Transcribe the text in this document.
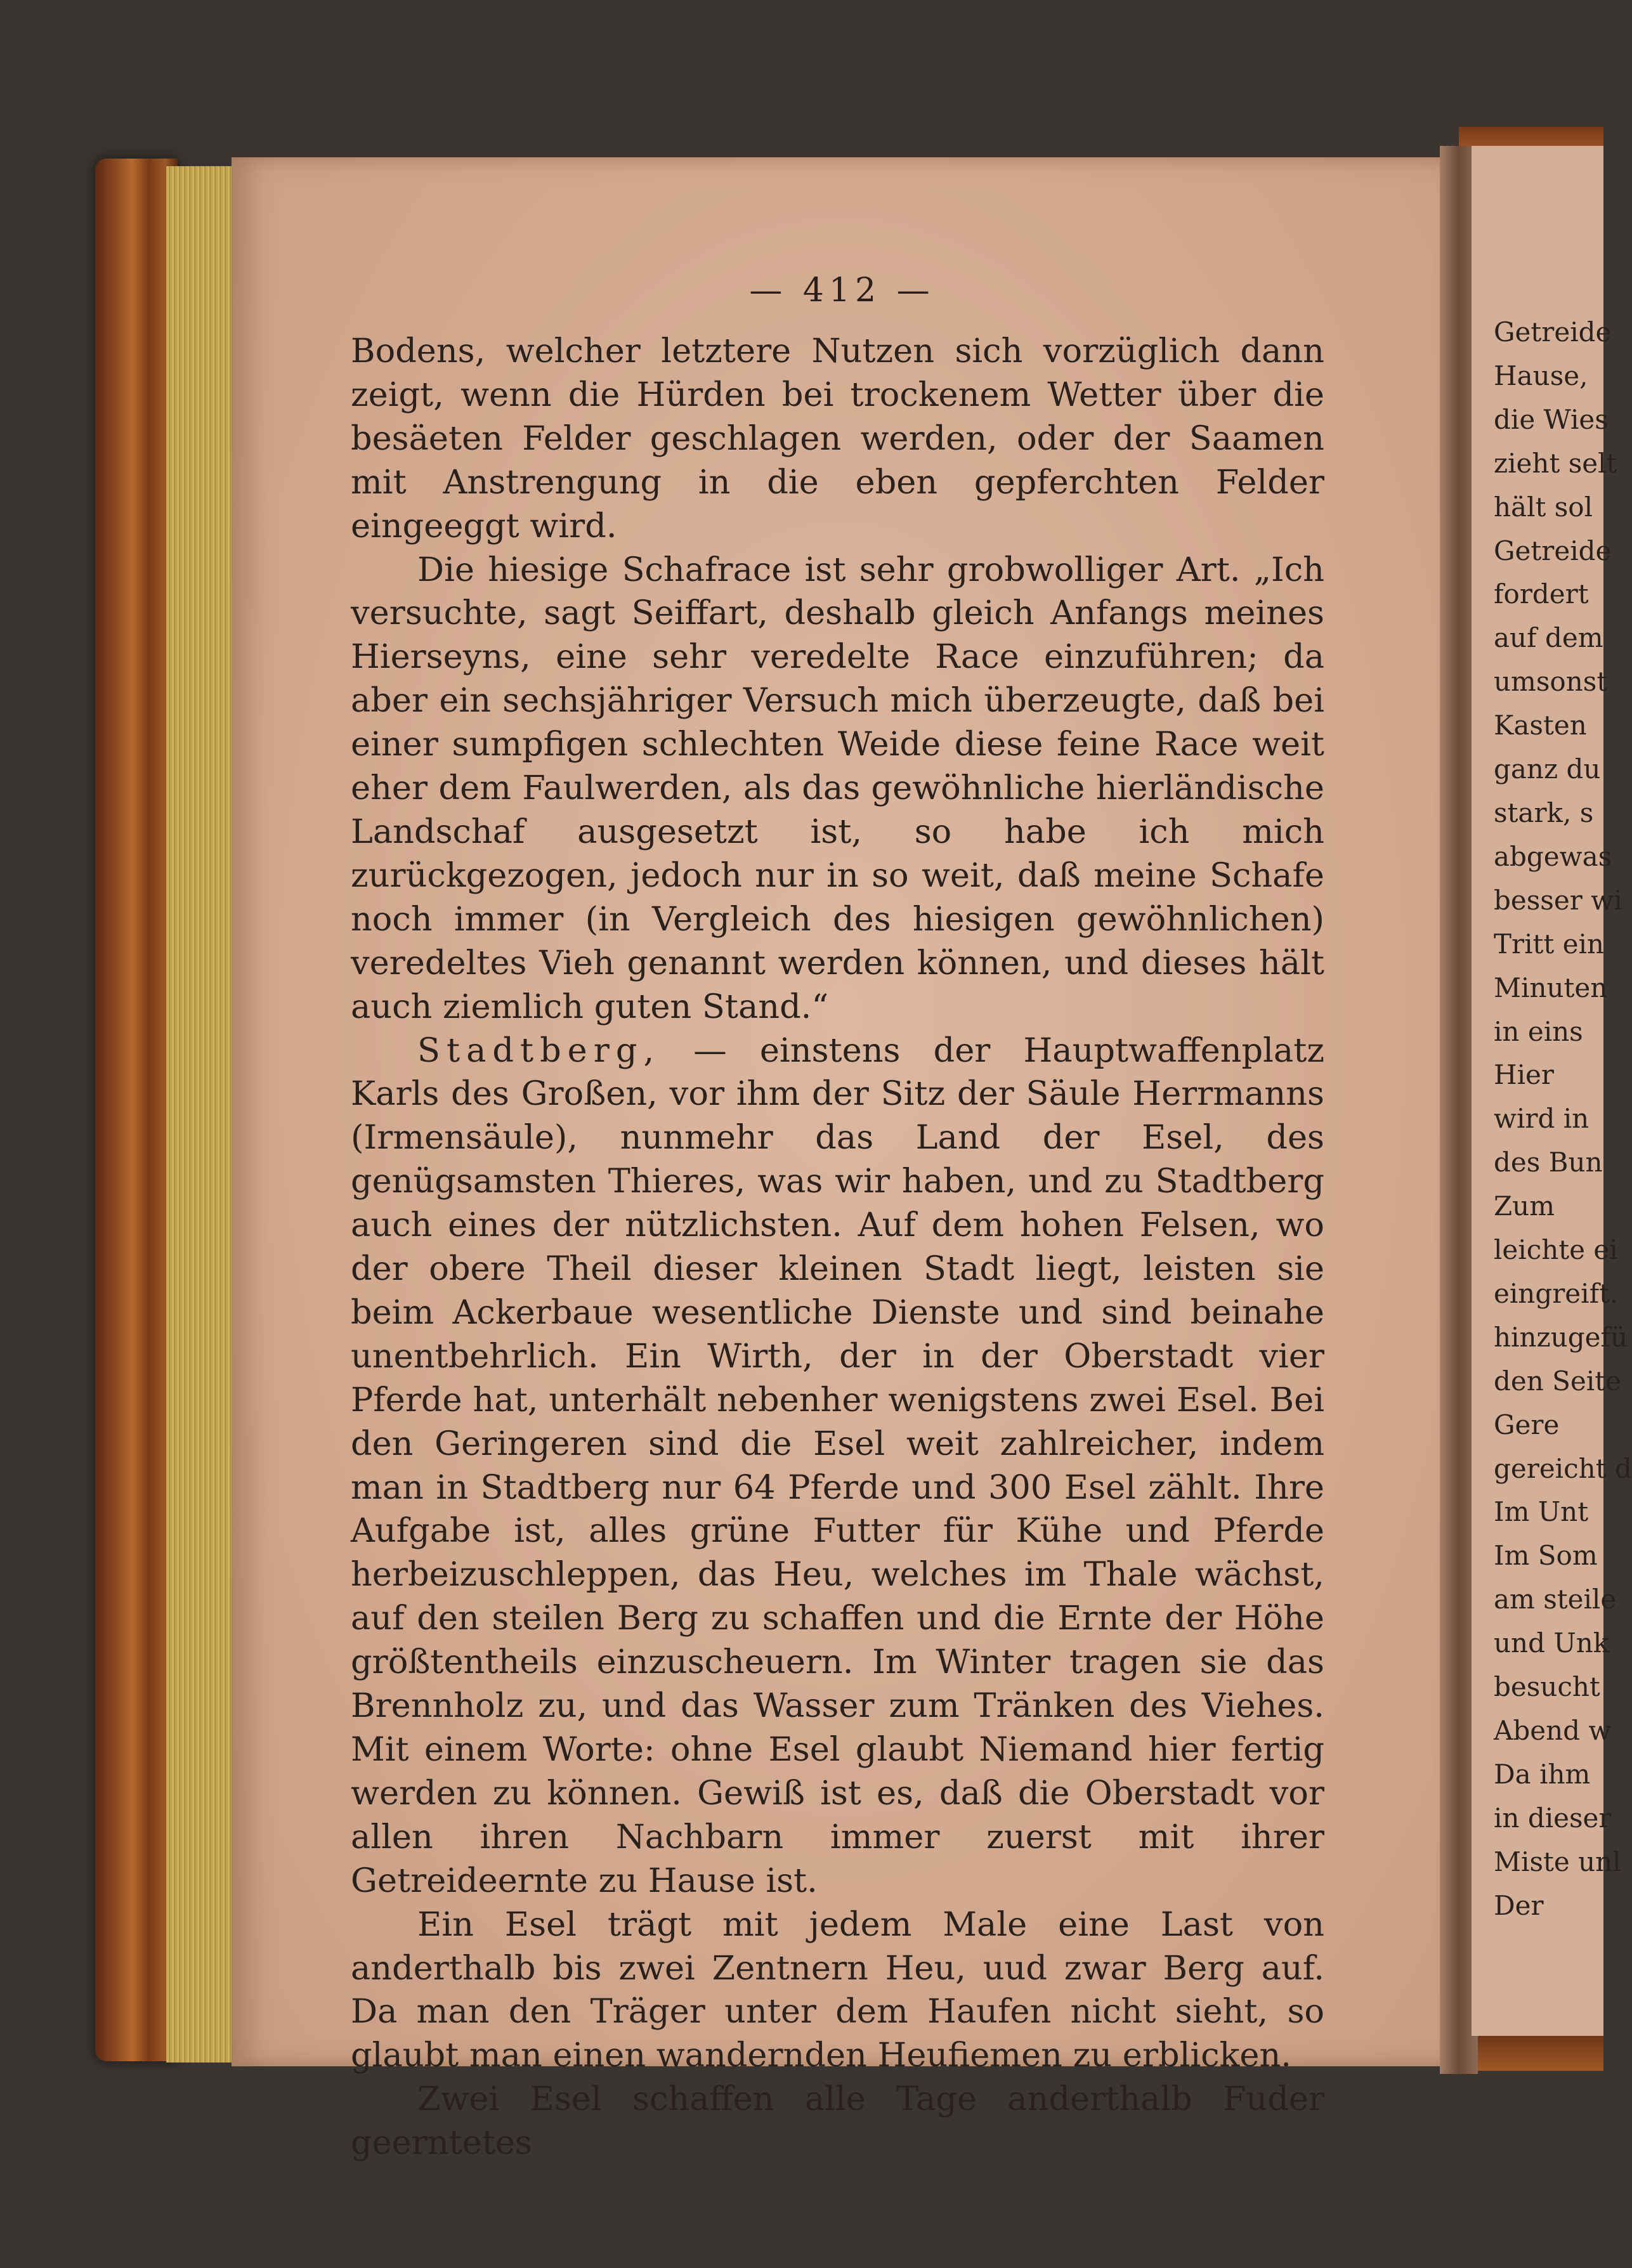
— 412 —

Bodens, welcher letztere Nutzen sich vorzüglich dann zeigt, wenn die Hürden bei trockenem Wetter über die besäeten Felder geschlagen werden, oder der Saamen mit Anstrengung in die eben gepferchten Felder eingeeggt wird.

Die hiesige Schafrace ist sehr grobwolliger Art. „Ich versuchte, sagt Seiffart, deshalb gleich Anfangs meines Hierseyns, eine sehr veredelte Race einzuführen; da aber ein sechsjähriger Versuch mich überzeugte, daß bei einer sumpfigen schlechten Weide diese feine Race weit eher dem Faulwerden, als das gewöhnliche hierländische Landschaf ausgesetzt ist, so habe ich mich zurückgezogen, jedoch nur in so weit, daß meine Schafe noch immer (in Vergleich des hiesigen gewöhnlichen) veredeltes Vieh genannt werden können, und dieses hält auch ziemlich guten Stand.“

Stadtberg, — einstens der Hauptwaffenplatz Karls des Großen, vor ihm der Sitz der Säule Herrmanns (Irmensäule), nunmehr das Land der Esel, des genügsamsten Thieres, was wir haben, und zu Stadtberg auch eines der nützlichsten. Auf dem hohen Felsen, wo der obere Theil dieser kleinen Stadt liegt, leisten sie beim Ackerbaue wesentliche Dienste und sind beinahe unentbehrlich. Ein Wirth, der in der Oberstadt vier Pferde hat, unterhält nebenher wenigstens zwei Esel. Bei den Geringeren sind die Esel weit zahlreicher, indem man in Stadtberg nur 64 Pferde und 300 Esel zählt. Ihre Aufgabe ist, alles grüne Futter für Kühe und Pferde herbeizuschleppen, das Heu, welches im Thale wächst, auf den steilen Berg zu schaffen und die Ernte der Höhe größtentheils einzuscheuern. Im Winter tragen sie das Brennholz zu, und das Wasser zum Tränken des Viehes. Mit einem Worte: ohne Esel glaubt Niemand hier fertig werden zu können. Gewiß ist es, daß die Oberstadt vor allen ihren Nachbarn immer zuerst mit ihrer Getreideernte zu Hause ist.

Ein Esel trägt mit jedem Male eine Last von anderthalb bis zwei Zentnern Heu, uud zwar Berg auf. Da man den Träger unter dem Haufen nicht sieht, so glaubt man einen wandernden Heufiemen zu erblicken.

Zwei Esel schaffen alle Tage anderthalb Fuder geerntetes

Getreide
Hause,
die Wies
zieht selt
hält sol
Getreide
fordert
auf dem
umsonst
Kasten
ganz du
stark, s
abgewas
besser wi
Tritt ein
Minuten
in eins
Hier
wird in
des Bun
Zum
leichte ei
eingreift.
hinzugefü
den Seite
Gere
gereicht d
Im Unt
Im Som
am steile
und Unk
besucht
Abend w
Da ihm
in dieser
Miste unl
Der
